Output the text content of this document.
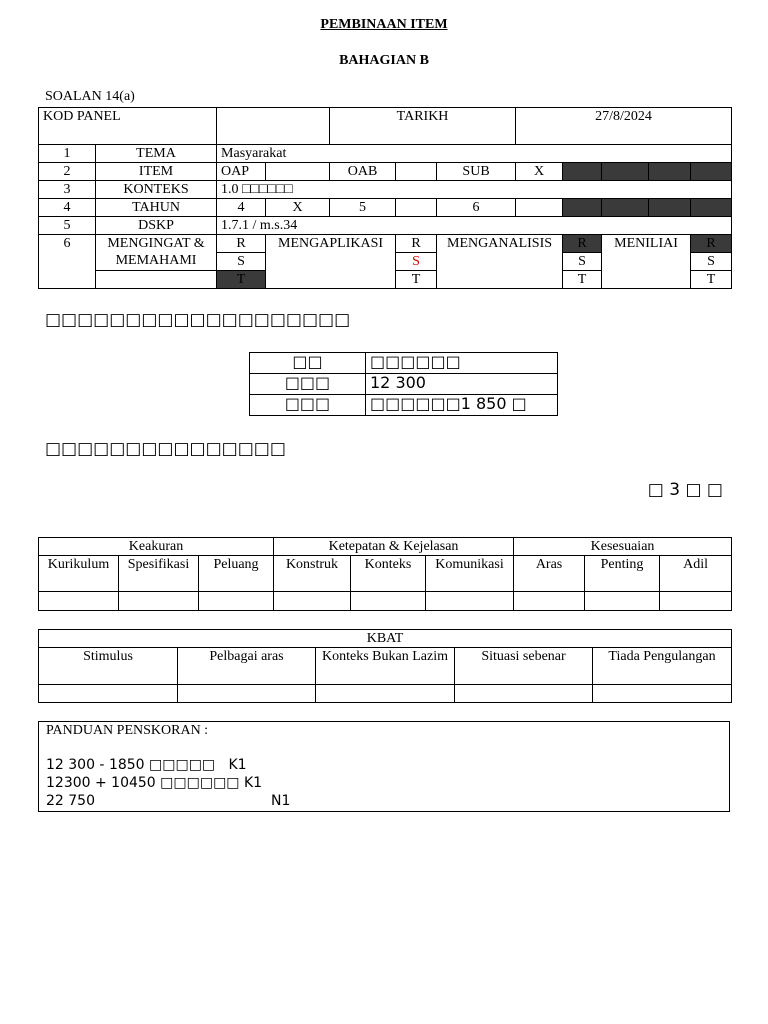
PEMBINAAN ITEM
BAHAGIAN B
SOALAN 14(a)
KOD PANEL				TARIKH			27/8/2024				
1	TEMA	Masyarakat									
2	ITEM	OAP		OAB		SUB	X				
3	KONTEKS	1.0 □□□□□□									
4	TAHUN	4	X	5		6					
5	DSKP	1.7.1 / m.s.34									
6	MENGINGAT & MEMAHAMI	R	MENGAPLIKASI		R	MENGANALISIS		R	MENILIAI		R
		S			S			S			S
		T			T			T			T
□□□□□□□□□□□□□□□□□□□
□□	□□□□□□
□□□	12 300
□□□	□□□□□□1 850 □
□□□□□□□□□□□□□□□
□ 3 □ □
Keakuran			Ketepatan & Kejelasan			Kesesuaian		
Kurikulum	Spesifikasi	Peluang	Konstruk	Konteks	Komunikasi	Aras	Penting	Adil

KBAT				
Stimulus	Pelbagai aras	Konteks Bukan Lazim	Situasi sebenar	Tiada Pengulangan

PANDUAN PENSKORAN :
12 300 - 1850 □□□□□   K1
12300 + 10450 □□□□□□ K1
22 750	N1
